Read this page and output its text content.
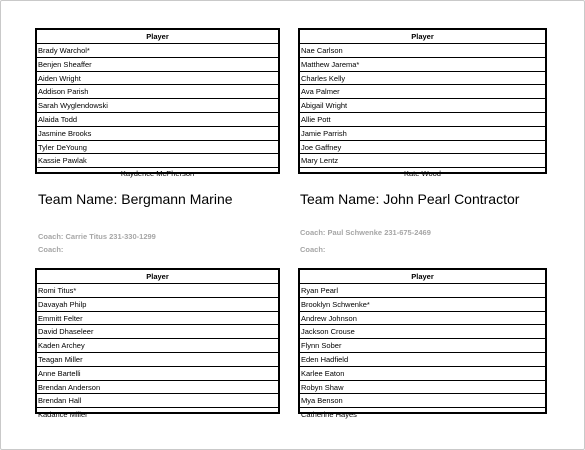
Player
Brady Warchol*
Benjen Sheaffer
Aiden Wright
Addison Parish
Sarah Wyglendowski
Alaida Todd
Jasmine Brooks
Tyler DeYoung
Kassie Pawlak
Kaydence McPherson
Player
Nae Carlson
Matthew Jarema*
Charles Kelly
Ava Palmer
Abigail Wright
Allie Pott
Jamie Parrish
Joe Gaffney
Mary Lentz
Kate Wood
Team Name: Bergmann Marine	Team Name: John Pearl Contractor
Coach: Carrie Titus 231-330-1299
Coach:
Coach: Paul Schwenke 231-675-2469
Coach:
Player
Romi Titus*
Davayah Philp
Emmitt Felter
David Dhaseleer
Kaden Archey
Teagan Miller
Anne Bartelli
Brendan Anderson
Brendan Hall
Kadance Miller
Player
Ryan Pearl
Brooklyn Schwenke*
Andrew Johnson
Jackson Crouse
Flynn Sober
Eden Hadfield
Karlee Eaton
Robyn Shaw
Mya Benson
Catherine Hayes
